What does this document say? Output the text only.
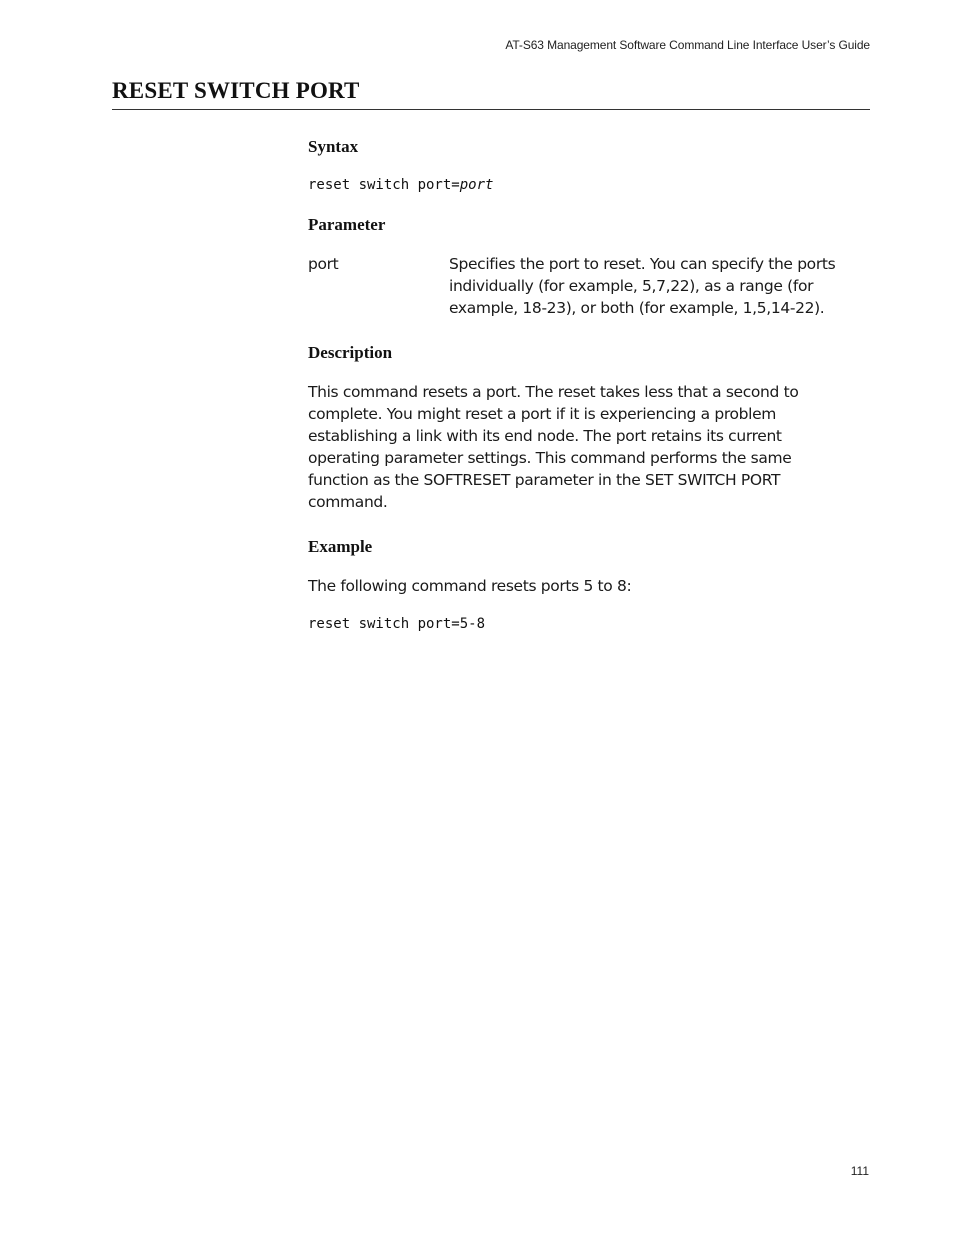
AT-S63 Management Software Command Line Interface User’s Guide
RESET SWITCH PORT
Syntax
reset switch port=port
Parameter
port	Specifies the port to reset. You can specify the ports
individually (for example, 5,7,22), as a range (for
example, 18-23), or both (for example, 1,5,14-22).
Description
This command resets a port. The reset takes less that a second to
complete. You might reset a port if it is experiencing a problem
establishing a link with its end node. The port retains its current
operating parameter settings. This command performs the same
function as the SOFTRESET parameter in the SET SWITCH PORT
command.
Example

The following command resets ports 5 to 8:

reset switch port=5-8
111
